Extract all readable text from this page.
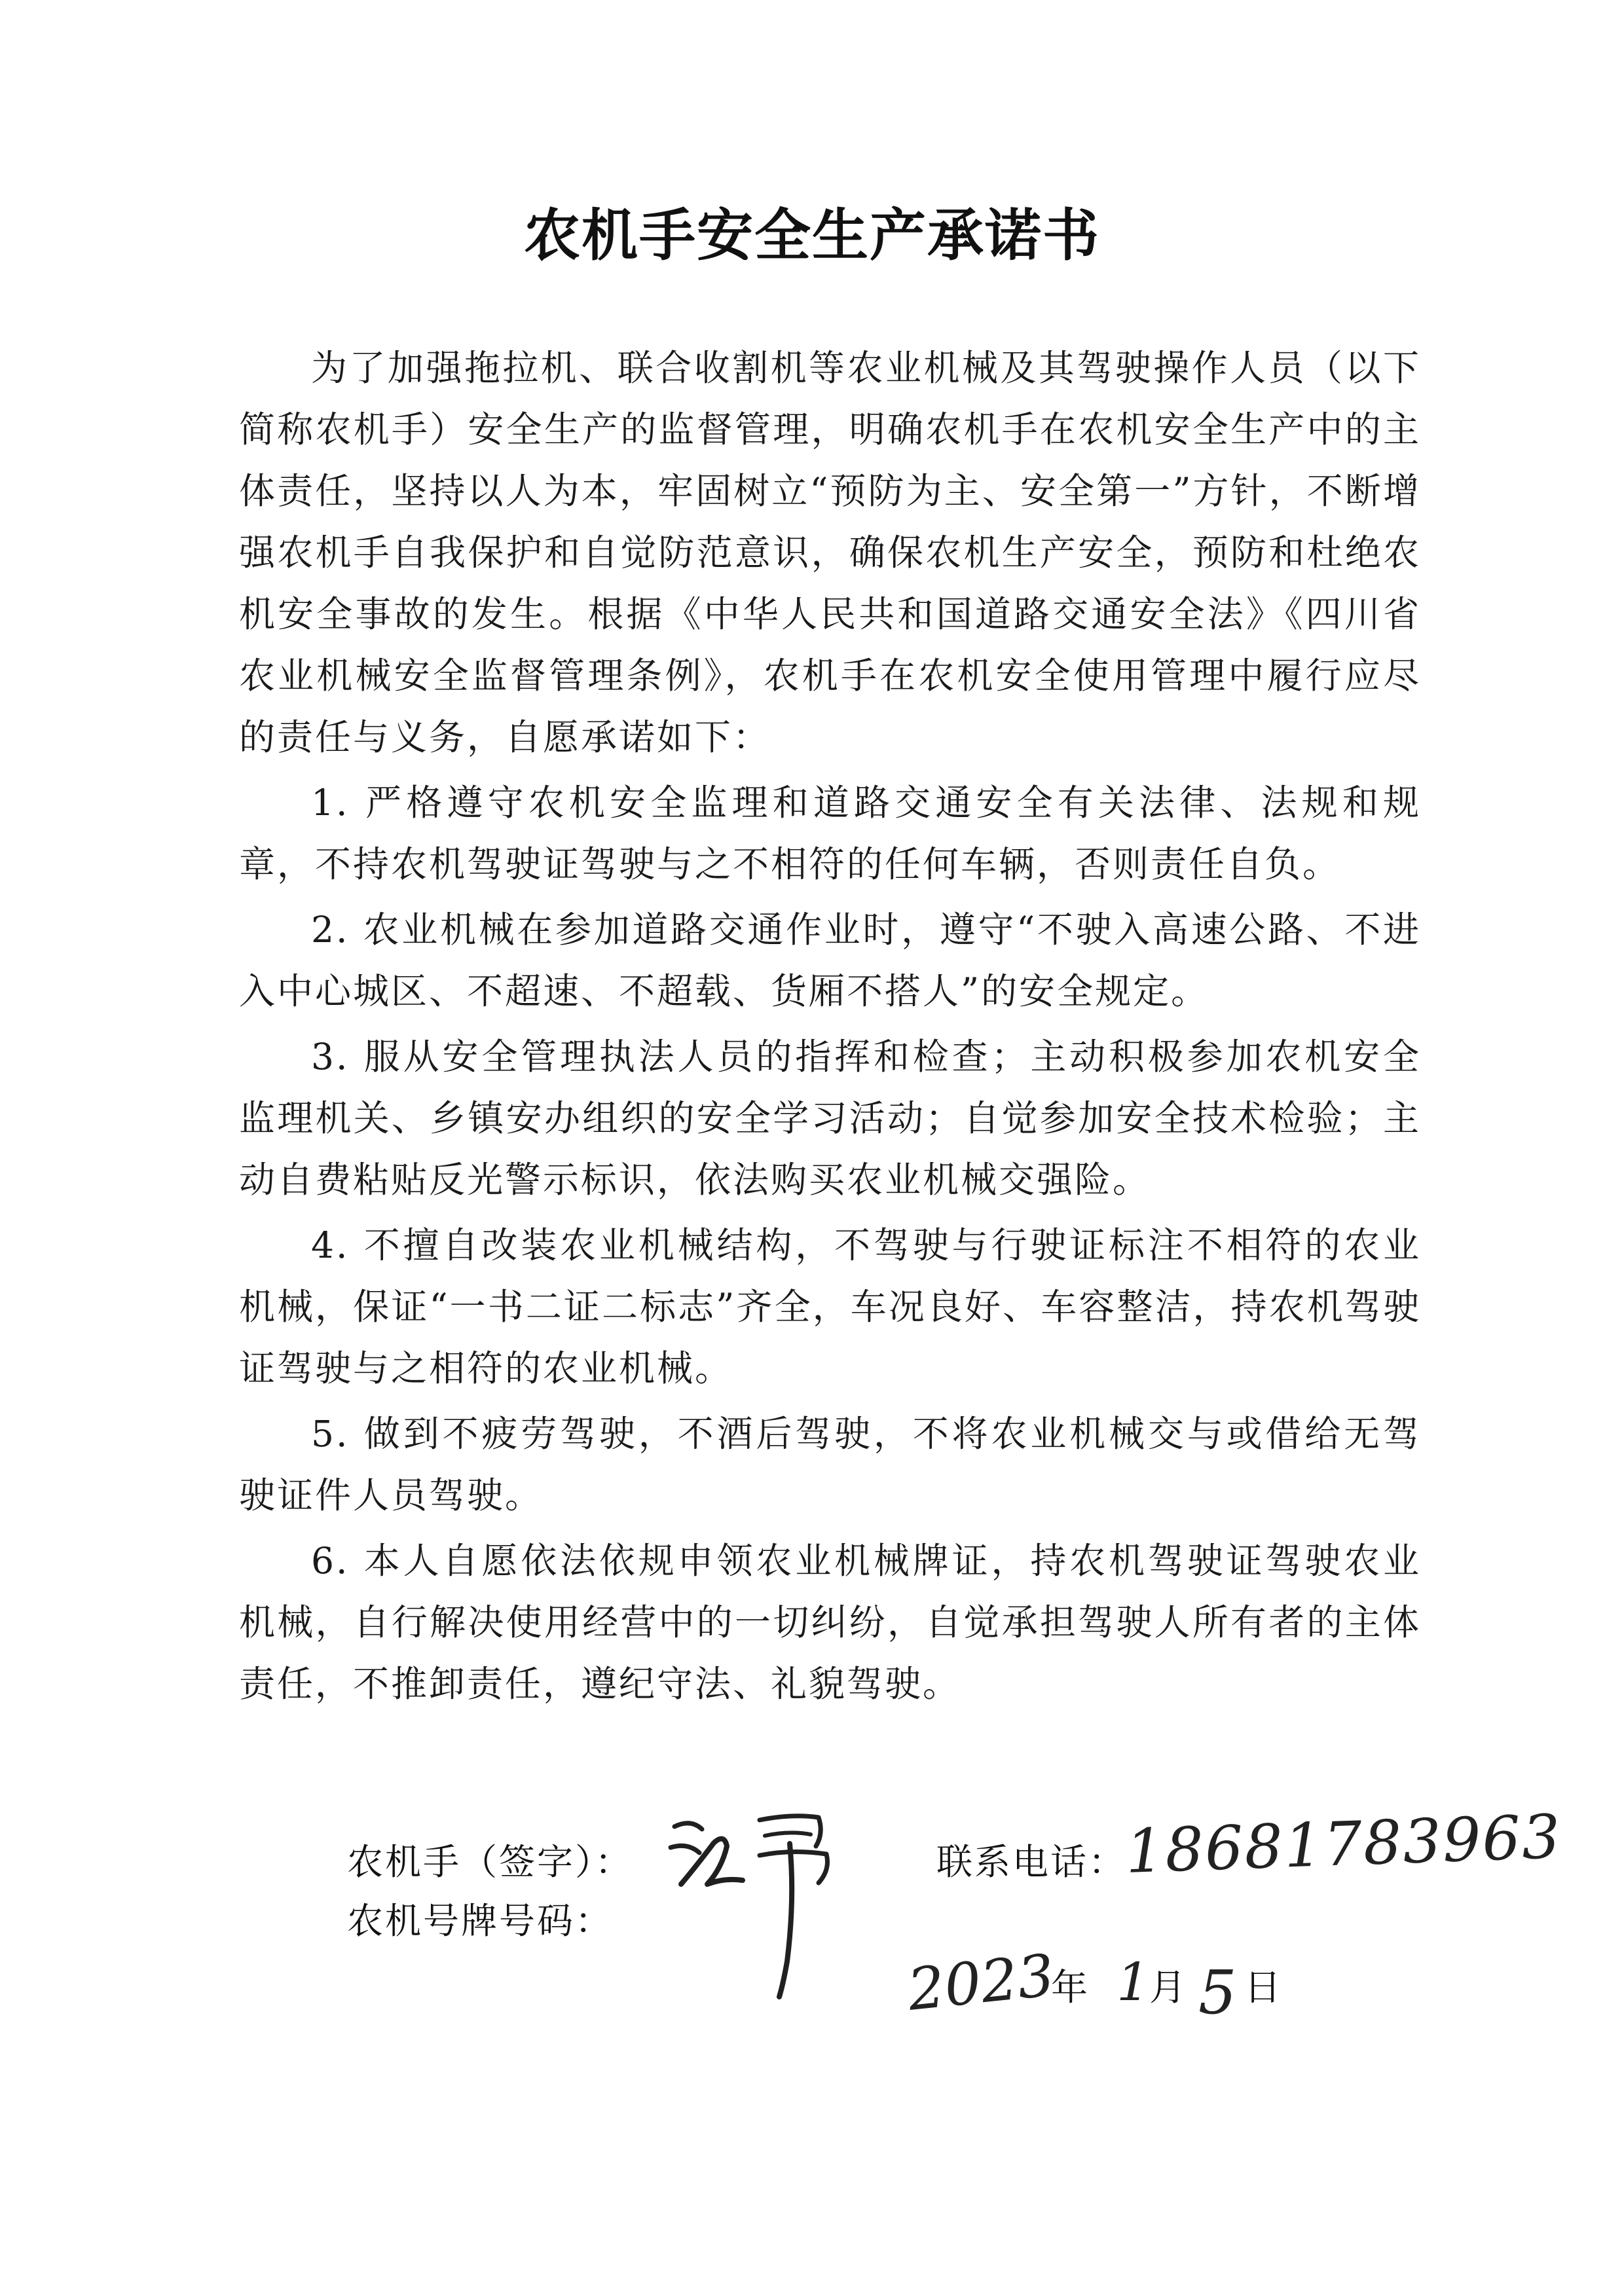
农机手安全生产承诺书

为了加强拖拉机、联合收割机等农业机械及其驾驶操作人员（以下简称农机手）安全生产的监督管理，明确农机手在农机安全生产中的主体责任，坚持以人为本，牢固树立“预防为主、安全第一”方针，不断增强农机手自我保护和自觉防范意识，确保农机生产安全，预防和杜绝农机安全事故的发生。根据《中华人民共和国道路交通安全法》《四川省农业机械安全监督管理条例》，农机手在农机安全使用管理中履行应尽的责任与义务，自愿承诺如下：

1. 严格遵守农机安全监理和道路交通安全有关法律、法规和规章，不持农机驾驶证驾驶与之不相符的任何车辆，否则责任自负。

2. 农业机械在参加道路交通作业时，遵守“不驶入高速公路、不进入中心城区、不超速、不超载、货厢不搭人”的安全规定。

3. 服从安全管理执法人员的指挥和检查；主动积极参加农机安全监理机关、乡镇安办组织的安全学习活动；自觉参加安全技术检验；主动自费粘贴反光警示标识，依法购买农业机械交强险。

4. 不擅自改装农业机械结构，不驾驶与行驶证标注不相符的农业机械，保证“一书二证二标志”齐全，车况良好、车容整洁，持农机驾驶证驾驶与之相符的农业机械。

5. 做到不疲劳驾驶，不酒后驾驶，不将农业机械交与或借给无驾驶证件人员驾驶。

6. 本人自愿依法依规申领农业机械牌证，持农机驾驶证驾驶农业机械，自行解决使用经营中的一切纠纷，自觉承担驾驶人所有者的主体责任，不推卸责任，遵纪守法、礼貌驾驶。

农机手（签字）：
农机号牌号码：
联系电话：
18681783963
2023
年 1 月 5 日
